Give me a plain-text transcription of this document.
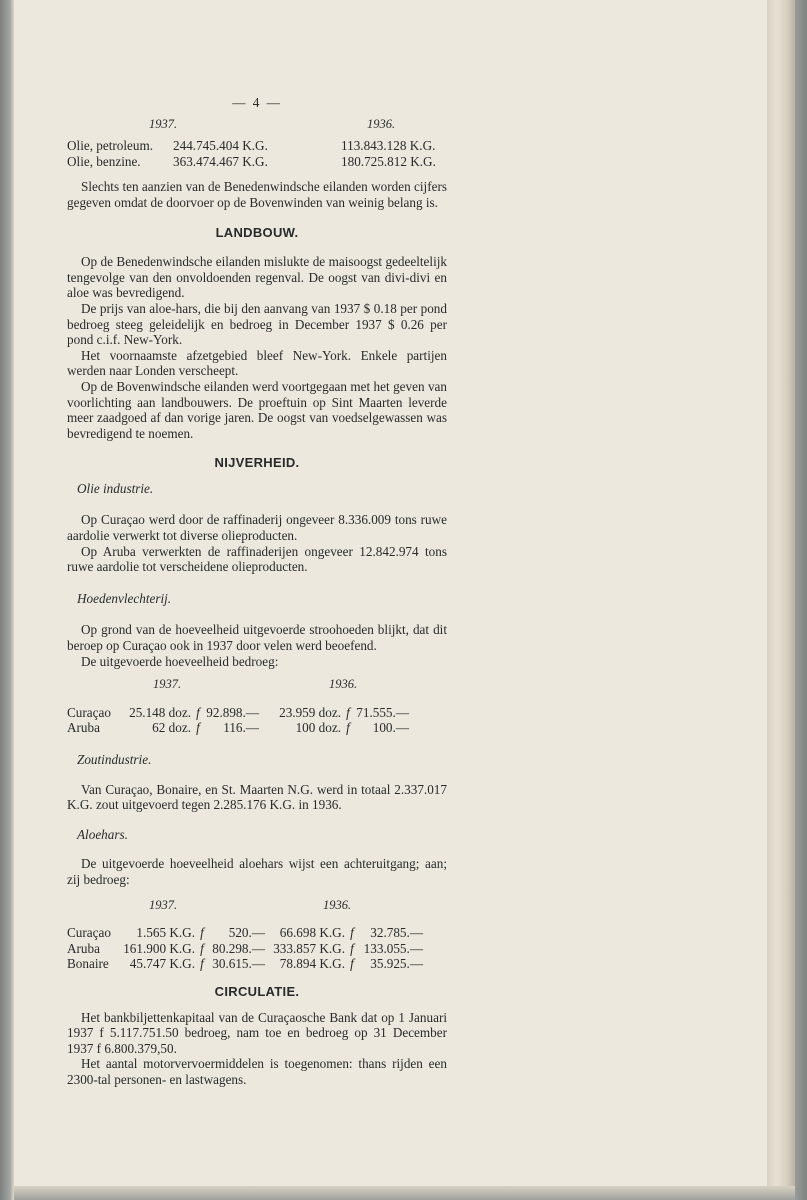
— 4 —
1937.	1936.
Olie, petroleum.	244.745.404 K.G.	113.843.128 K.G.
Olie, benzine.	363.474.467 K.G.	180.725.812 K.G.

Slechts ten aanzien van de Benedenwindsche eilanden worden cijfers gegeven omdat de doorvoer op de Bovenwinden van weinig belang is.

LANDBOUW.

Op de Benedenwindsche eilanden mislukte de maisoogst gedeeltelijk tengevolge van den onvoldoenden regenval. De oogst van divi-divi en aloe was bevredigend.

De prijs van aloe-hars, die bij den aanvang van 1937 $ 0.18 per pond bedroeg steeg geleidelijk en bedroeg in December 1937 $ 0.26 per pond c.i.f. New-York.

Het voornaamste afzetgebied bleef New-York. Enkele partijen werden naar Londen verscheept.

Op de Bovenwindsche eilanden werd voortgegaan met het geven van voorlichting aan landbouwers. De proeftuin op Sint Maarten leverde meer zaadgoed af dan vorige jaren. De oogst van voedselgewassen was bevredigend te noemen.

NIJVERHEID.

Olie industrie.

Op Curaçao werd door de raffinaderij ongeveer 8.336.009 tons ruwe aardolie verwerkt tot diverse olieproducten.

Op Aruba verwerkten de raffinaderijen ongeveer 12.842.974 tons ruwe aardolie tot verscheidene olieproducten.

Hoedenvlechterij.

Op grond van de hoeveelheid uitgevoerde stroohoeden blijkt, dat dit beroep op Curaçao ook in 1937 door velen werd beoefend.

De uitgevoerde hoeveelheid bedroeg:

1937.	1936.
Curaçao	25.148 doz. f 92.898.—	23.959 doz. f 71.555.—
Aruba	62 doz. f	116.—	100 doz. f	100.—

Zoutindustrie.

Van Curaçao, Bonaire, en St. Maarten N.G. werd in totaal 2.337.017 K.G. zout uitgevoerd tegen 2.285.176 K.G. in 1936.

Aloehars.

De uitgevoerde hoeveelheid aloehars wijst een achteruitgang; aan; zij bedroeg:

1937.	1936.
Curaçao	1.565 K.G. f	520.—	66.698 K.G. f	32.785.—
Aruba	161.900 K.G. f 80.298.— 333.857 K.G. f 133.055.—
Bonaire	45.747 K.G. f 30.615.—	78.894 K.G. f	35.925.—
CIRCULATIE.

Het bankbiljettenkapitaal van de Curaçaosche Bank dat op 1 Januari 1937 f 5.117.751.50 bedroeg, nam toe en bedroeg op 31 December 1937 f 6.800.379,50.

Het aantal motorvervoermiddelen is toegenomen: thans rijden een 2300-tal personen- en lastwagens.
